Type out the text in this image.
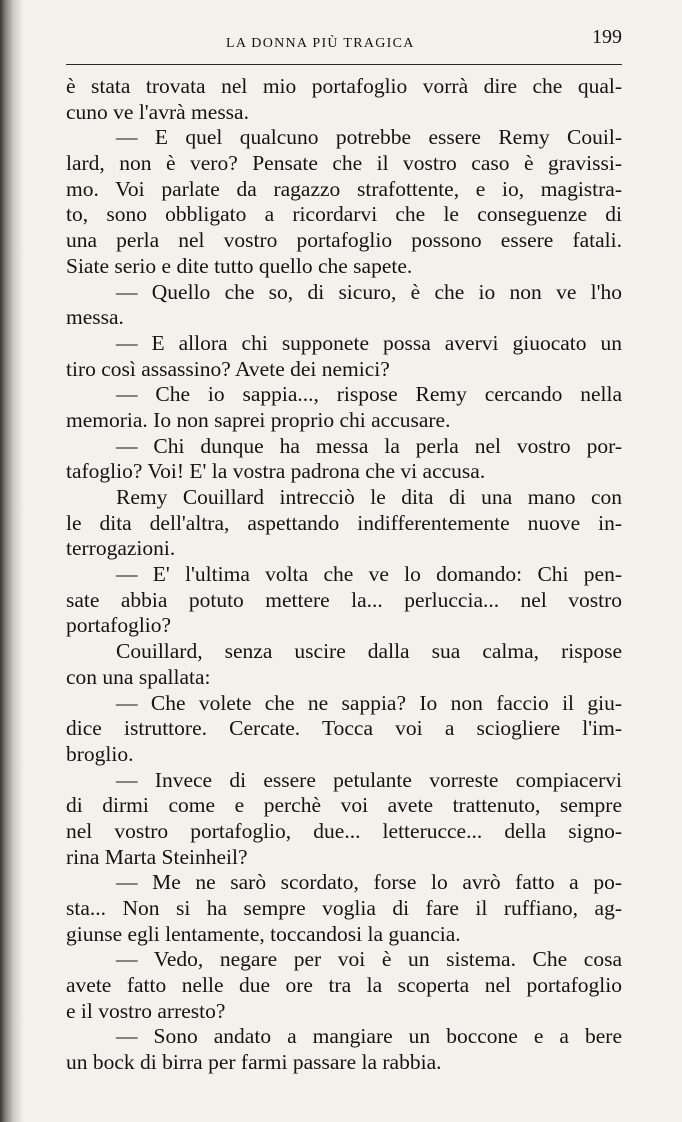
LA DONNA PIÙ TRAGICA	199
è stata trovata nel mio portafoglio vorrà dire che qual-
cuno ve l'avrà messa.
— E quel qualcuno potrebbe essere Remy Couil-
lard, non è vero? Pensate che il vostro caso è gravissi-
mo. Voi parlate da ragazzo strafottente, e io, magistra-
to, sono obbligato a ricordarvi che le conseguenze di
una perla nel vostro portafoglio possono essere fatali.
Siate serio e dite tutto quello che sapete.
— Quello che so, di sicuro, è che io non ve l'ho
messa.
— E allora chi supponete possa avervi giuocato un
tiro così assassino? Avete dei nemici?
— Che io sappia..., rispose Remy cercando nella
memoria. Io non saprei proprio chi accusare.
— Chi dunque ha messa la perla nel vostro por-
tafoglio? Voi! E' la vostra padrona che vi accusa.
Remy Couillard intrecciò le dita di una mano con
le dita dell'altra, aspettando indifferentemente nuove in-
terrogazioni.
— E' l'ultima volta che ve lo domando: Chi pen-
sate abbia potuto mettere la... perluccia... nel vostro
portafoglio?
Couillard, senza uscire dalla sua calma, rispose
con una spallata:
— Che volete che ne sappia? Io non faccio il giu-
dice istruttore. Cercate. Tocca voi a sciogliere l'im-
broglio.
— Invece di essere petulante vorreste compiacervi
di dirmi come e perchè voi avete trattenuto, sempre
nel vostro portafoglio, due... letterucce... della signo-
rina Marta Steinheil?
— Me ne sarò scordato, forse lo avrò fatto a po-
sta... Non si ha sempre voglia di fare il ruffiano, ag-
giunse egli lentamente, toccandosi la guancia.
— Vedo, negare per voi è un sistema. Che cosa
avete fatto nelle due ore tra la scoperta nel portafoglio
e il vostro arresto?
— Sono andato a mangiare un boccone e a bere
un bock di birra per farmi passare la rabbia.
